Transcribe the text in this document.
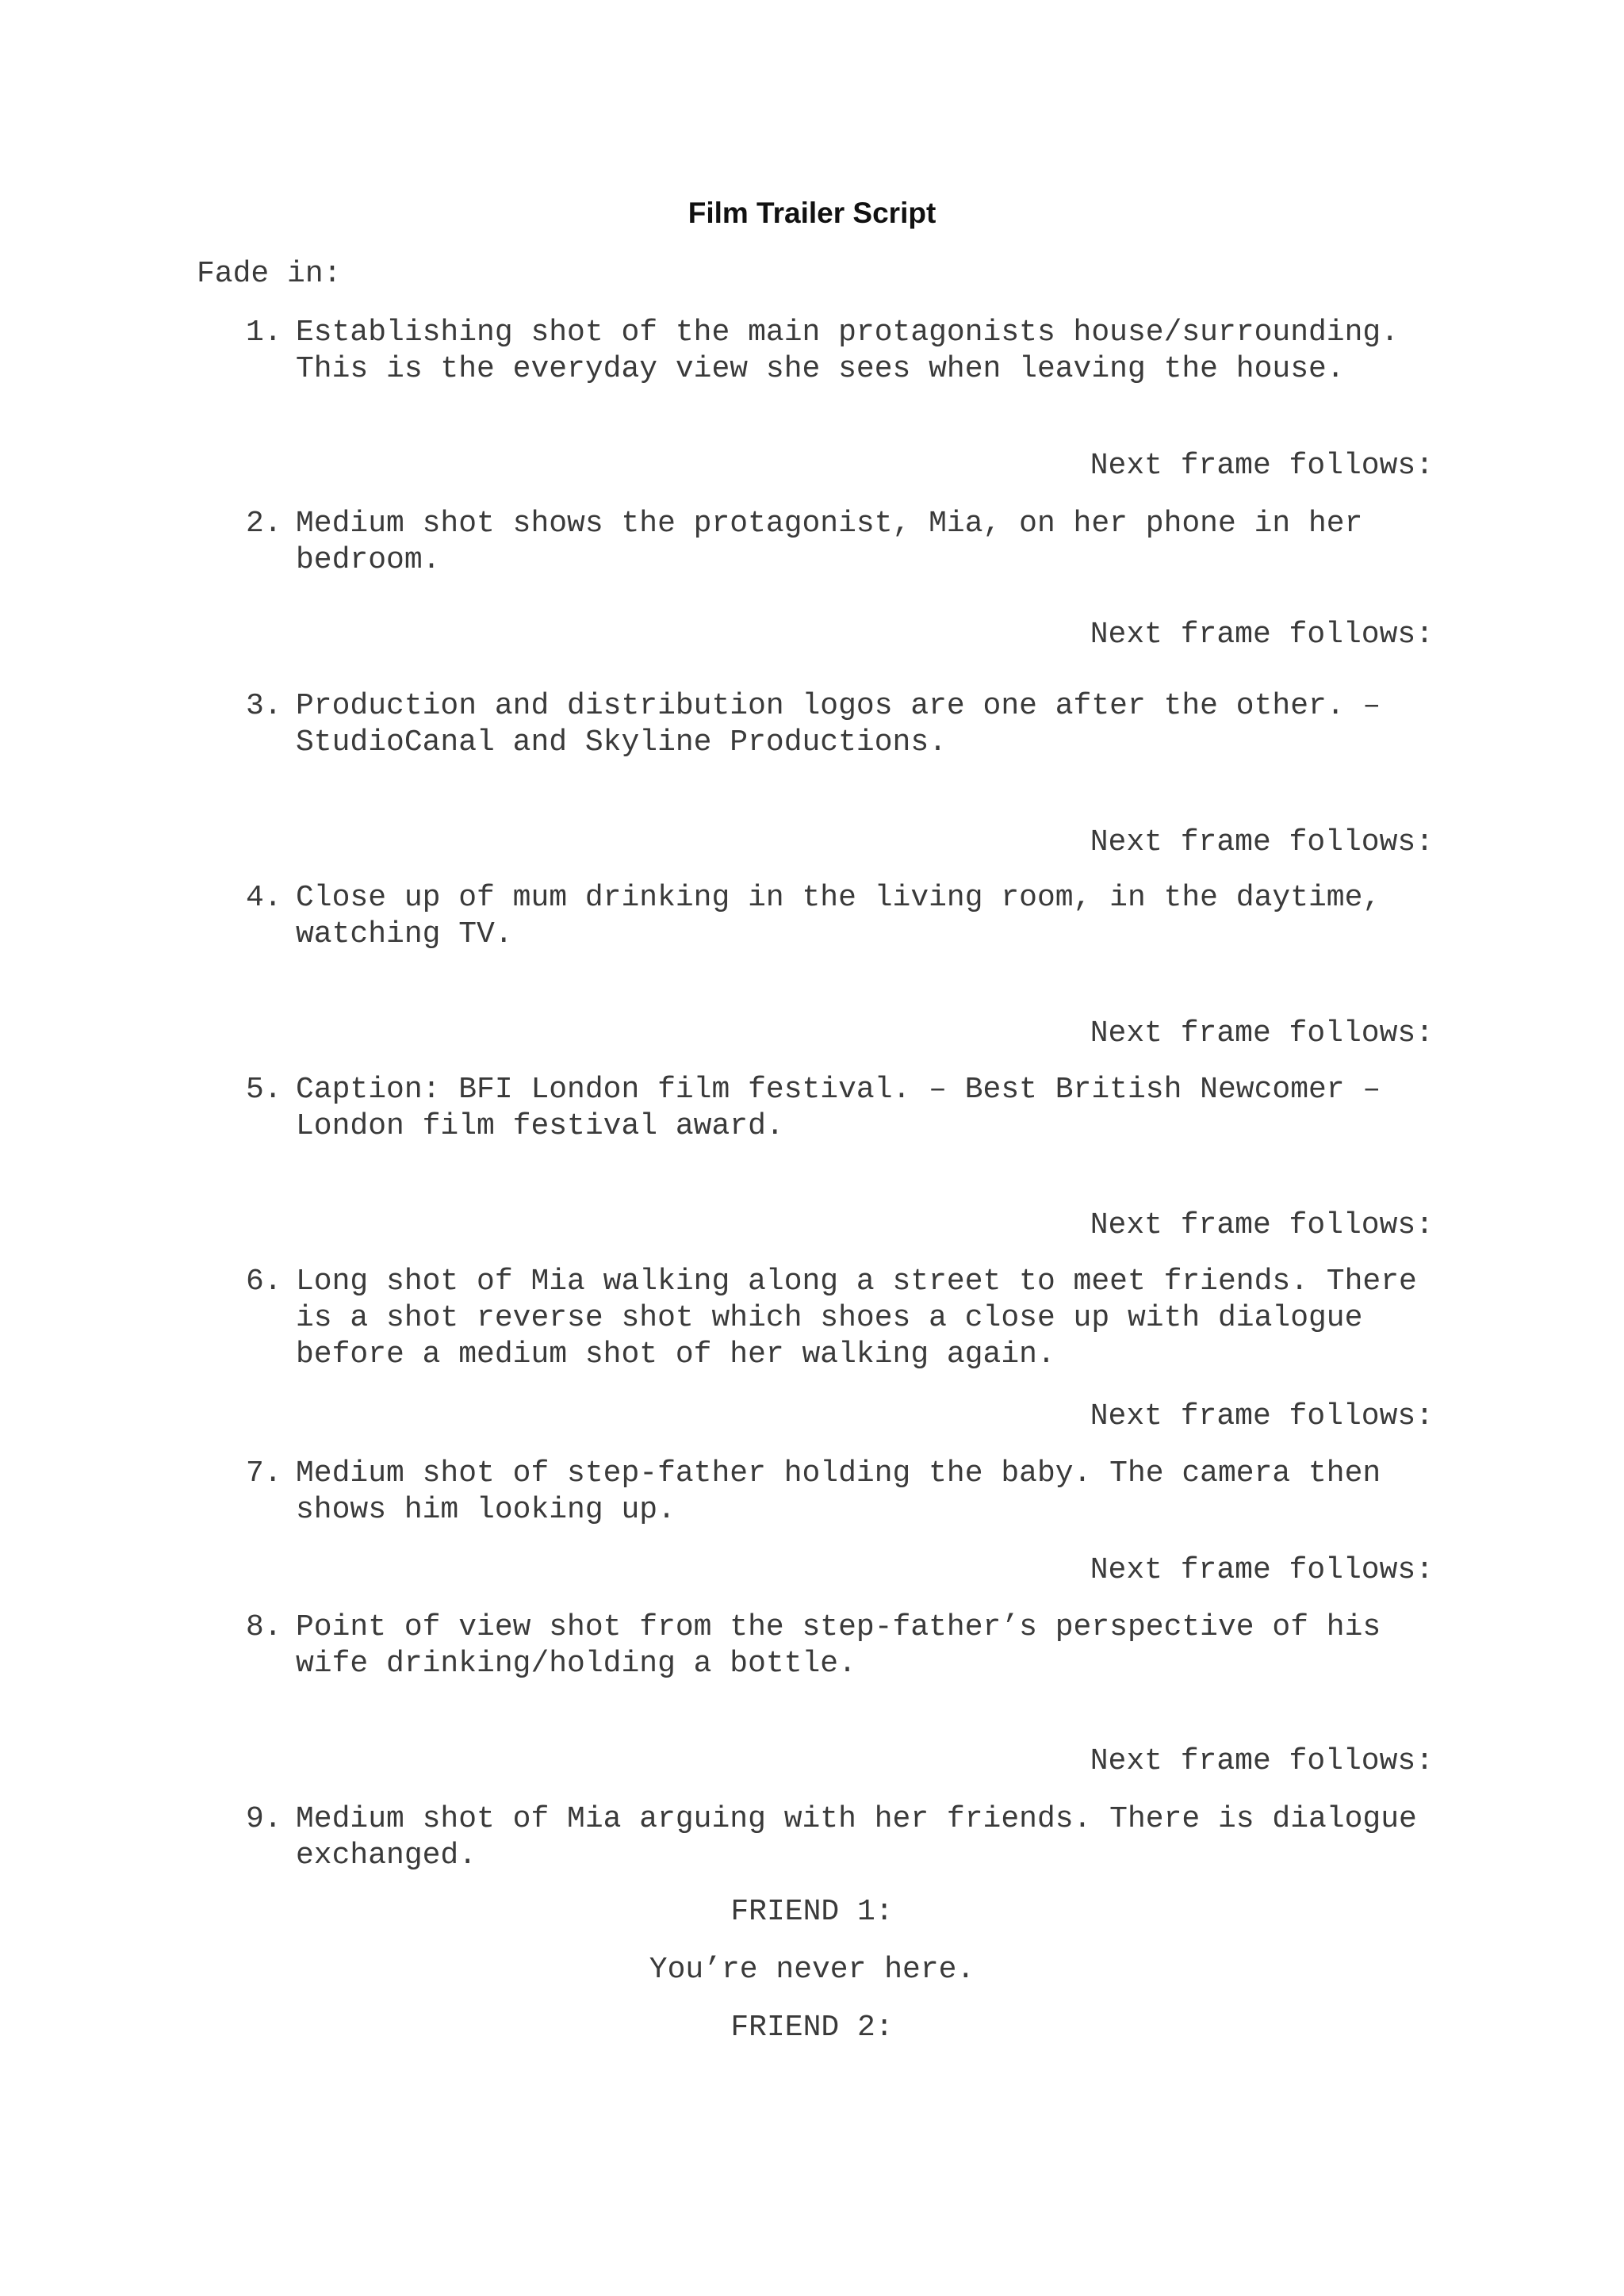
Film Trailer Script
Fade in:
1. Establishing shot of the main protagonists house/surrounding. This is the everyday view she sees when leaving the house.
Next frame follows:
2. Medium shot shows the protagonist, Mia, on her phone in her bedroom.
Next frame follows:
3. Production and distribution logos are one after the other. – StudioCanal and Skyline Productions.
Next frame follows:
4. Close up of mum drinking in the living room, in the daytime, watching TV.
Next frame follows:
5. Caption: BFI London film festival. – Best British Newcomer – London film festival award.
Next frame follows:
6. Long shot of Mia walking along a street to meet friends. There is a shot reverse shot which shoes a close up with dialogue before a medium shot of her walking again.
Next frame follows:
7. Medium shot of step-father holding the baby. The camera then shows him looking up.
Next frame follows:
8. Point of view shot from the step-father’s perspective of his wife drinking/holding a bottle.
Next frame follows:
9. Medium shot of Mia arguing with her friends. There is dialogue exchanged.
FRIEND 1:
You’re never here.
FRIEND 2:
